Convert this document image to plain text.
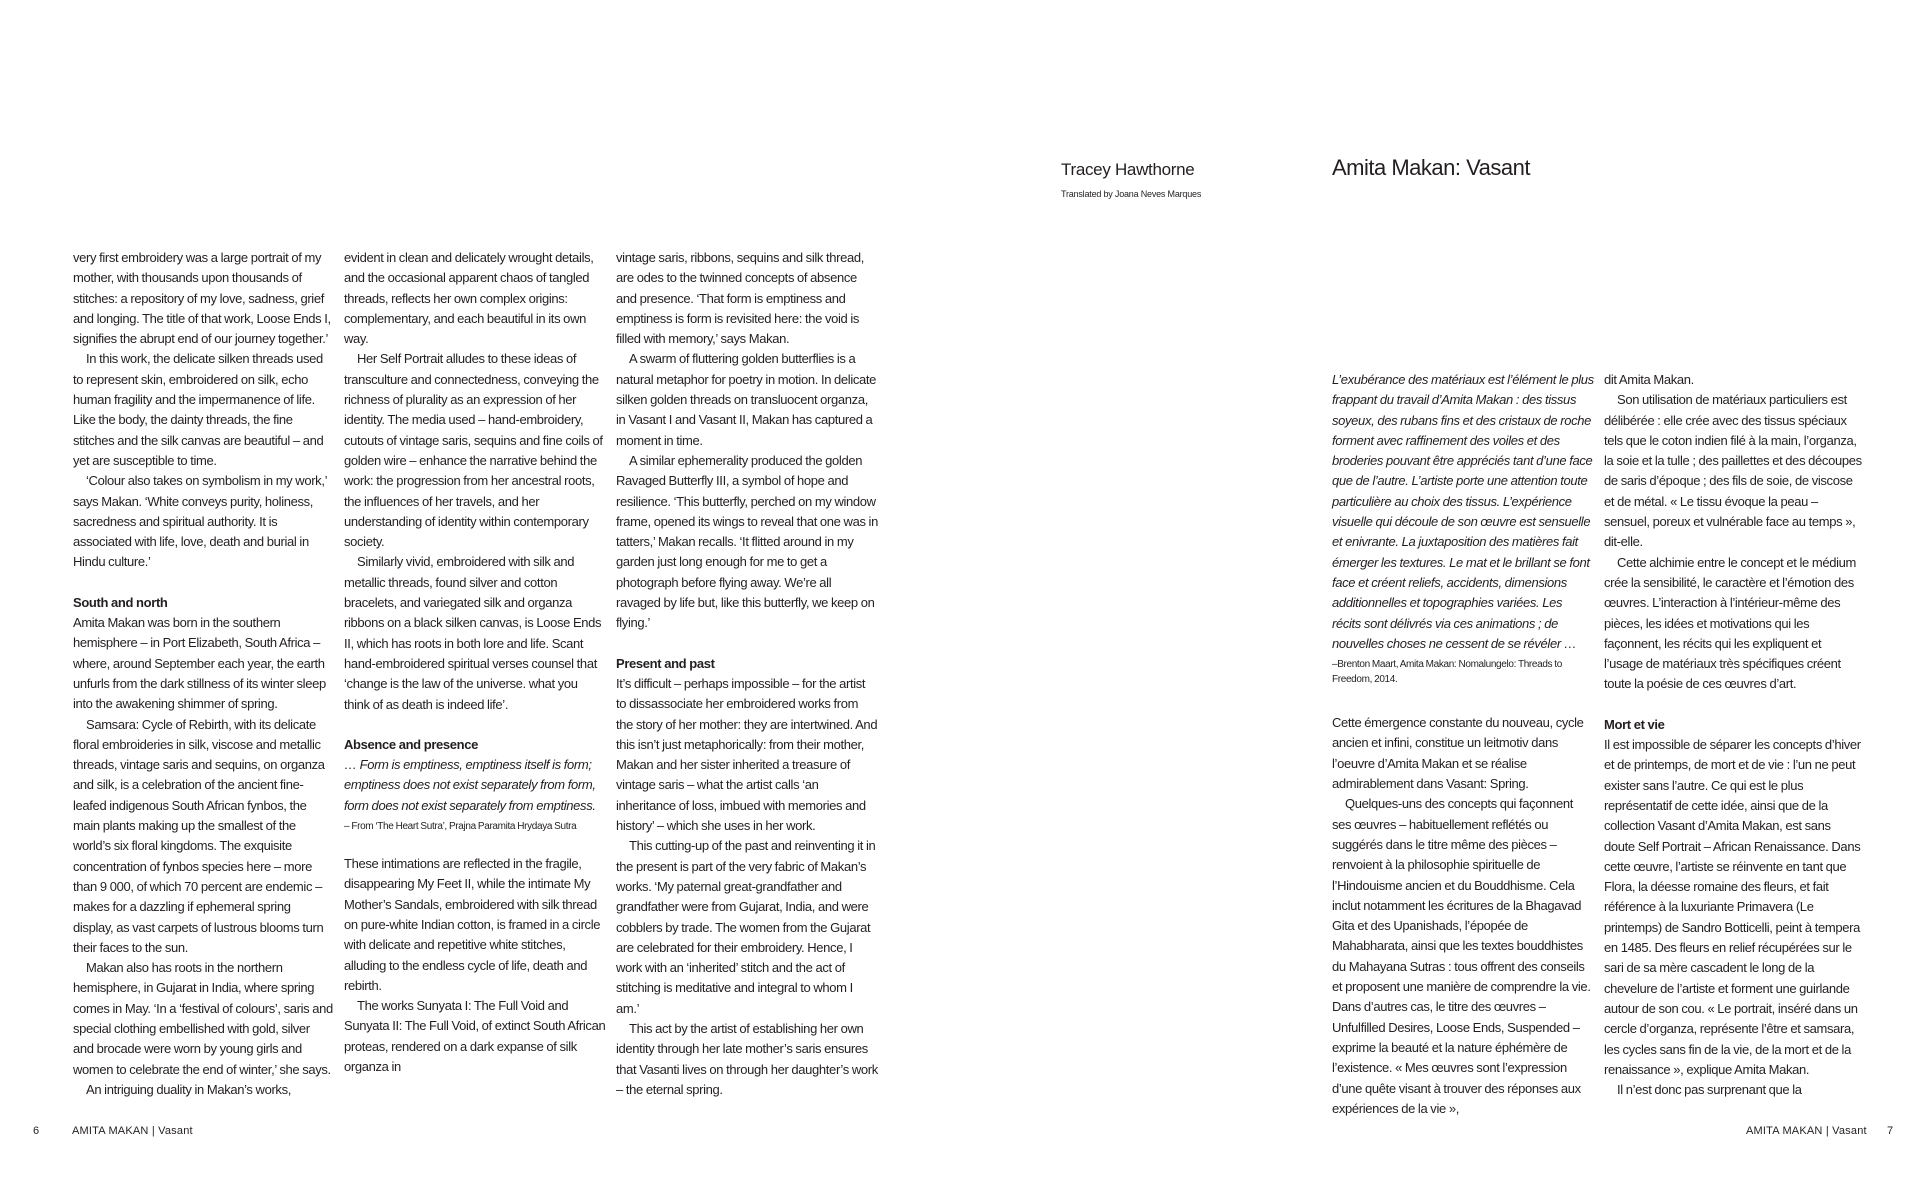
Tracey Hawthorne
Translated by Joana Neves Marques
Amita Makan: Vasant

very first embroidery was a large portrait of my mother, with thousands upon thousands of stitches: a repository of my love, sadness, grief and longing. The title of that work, Loose Ends I, signifies the abrupt end of our journey together.’

In this work, the delicate silken threads used to represent skin, embroidered on silk, echo human fragility and the impermanence of life. Like the body, the dainty threads, the fine stitches and the silk canvas are beautiful – and yet are susceptible to time.

‘Colour also takes on symbolism in my work,’ says Makan. ‘White conveys purity, holiness, sacredness and spiritual authority. It is associated with life, love, death and burial in Hindu culture.’

South and north

Amita Makan was born in the southern hemisphere – in Port Elizabeth, South Africa – where, around September each year, the earth unfurls from the dark stillness of its winter sleep into the awakening shimmer of spring.

Samsara: Cycle of Rebirth, with its delicate floral embroideries in silk, viscose and metallic threads, vintage saris and sequins, on organza and silk, is a celebration of the ancient fine-leafed indigenous South African fynbos, the main plants making up the smallest of the world’s six floral kingdoms. The exquisite concentration of fynbos species here – more than 9 000, of which 70 percent are endemic – makes for a dazzling if ephemeral spring display, as vast carpets of lustrous blooms turn their faces to the sun.

Makan also has roots in the northern hemisphere, in Gujarat in India, where spring comes in May. ‘In a ‘festival of colours’, saris and special clothing embellished with gold, silver and brocade were worn by young girls and women to celebrate the end of winter,’ she says.

An intriguing duality in Makan’s works,

evident in clean and delicately wrought details, and the occasional apparent chaos of tangled threads, reflects her own complex origins: complementary, and each beautiful in its own way.

Her Self Portrait alludes to these ideas of transculture and connectedness, conveying the richness of plurality as an expression of her identity. The media used – hand-embroidery, cutouts of vintage saris, sequins and fine coils of golden wire – enhance the narrative behind the work: the progression from her ancestral roots, the influences of her travels, and her understanding of identity within contemporary society.

Similarly vivid, embroidered with silk and metallic threads, found silver and cotton bracelets, and variegated silk and organza ribbons on a black silken canvas, is Loose Ends II, which has roots in both lore and life. Scant hand-embroidered spiritual verses counsel that ‘change is the law of the universe. what you think of as death is indeed life’.

Absence and presence

… Form is emptiness, emptiness itself is form; emptiness does not exist separately from form, form does not exist separately from emptiness.

– From ‘The Heart Sutra’, Prajna Paramita Hrydaya Sutra

These intimations are reflected in the fragile, disappearing My Feet II, while the intimate My Mother’s Sandals, embroidered with silk thread on pure-white Indian cotton, is framed in a circle with delicate and repetitive white stitches, alluding to the endless cycle of life, death and rebirth.

The works Sunyata I: The Full Void and Sunyata II: The Full Void, of extinct South African proteas, rendered on a dark expanse of silk organza in

vintage saris, ribbons, sequins and silk thread, are odes to the twinned concepts of absence and presence. ‘That form is emptiness and emptiness is form is revisited here: the void is filled with memory,’ says Makan.

A swarm of fluttering golden butterflies is a natural metaphor for poetry in motion. In delicate silken golden threads on transluocent organza, in Vasant I and Vasant II, Makan has captured a moment in time.

A similar ephemerality produced the golden Ravaged Butterfly III, a symbol of hope and resilience. ‘This butterfly, perched on my window frame, opened its wings to reveal that one was in tatters,’ Makan recalls. ‘It flitted around in my garden just long enough for me to get a photograph before flying away. We’re all ravaged by life but, like this butterfly, we keep on flying.’

Present and past

It’s difficult – perhaps impossible – for the artist to dissassociate her embroidered works from the story of her mother: they are intertwined. And this isn’t just metaphorically: from their mother, Makan and her sister inherited a treasure of vintage saris – what the artist calls ‘an inheritance of loss, imbued with memories and history’ – which she uses in her work.

This cutting-up of the past and reinventing it in the present is part of the very fabric of Makan’s works. ‘My paternal great-grandfather and grandfather were from Gujarat, India, and were cobblers by trade. The women from the Gujarat are celebrated for their embroidery. Hence, I work with an ‘inherited’ stitch and the act of stitching is meditative and integral to whom I am.’

This act by the artist of establishing her own identity through her late mother’s saris ensures that Vasanti lives on through her daughter’s work – the eternal spring.

L’exubérance des matériaux est l’élément le plus frappant du travail d’Amita Makan : des tissus soyeux, des rubans fins et des cristaux de roche forment avec raffinement des voiles et des broderies pouvant être appréciés tant d’une face que de l’autre. L’artiste porte une attention toute particulière au choix des tissus. L’expérience visuelle qui découle de son œuvre est sensuelle et enivrante. La juxtaposition des matières fait émerger les textures. Le mat et le brillant se font face et créent reliefs, accidents, dimensions additionnelles et topographies variées. Les récits sont délivrés via ces animations ; de nouvelles choses ne cessent de se révéler …

–Brenton Maart, Amita Makan: Nomalungelo: Threads to Freedom, 2014.

Cette émergence constante du nouveau, cycle ancien et infini, constitue un leitmotiv dans l’oeuvre d’Amita Makan et se réalise admirablement dans Vasant: Spring.

Quelques-uns des concepts qui façonnent ses œuvres – habituellement reflétés ou suggérés dans le titre même des pièces – renvoient à la philosophie spirituelle de l’Hindouisme ancien et du Bouddhisme. Cela inclut notamment les écritures de la Bhagavad Gita et des Upanishads, l’épopée de Mahabharata, ainsi que les textes bouddhistes du Mahayana Sutras : tous offrent des conseils et proposent une manière de comprendre la vie. Dans d’autres cas, le titre des œuvres – Unfulfilled Desires, Loose Ends, Suspended – exprime la beauté et la nature éphémère de l’existence. « Mes œuvres sont l’expression d’une quête visant à trouver des réponses aux expériences de la vie »,

dit Amita Makan.

Son utilisation de matériaux particuliers est délibérée : elle crée avec des tissus spéciaux tels que le coton indien filé à la main, l’organza, la soie et la tulle ; des paillettes et des découpes de saris d’époque ; des fils de soie, de viscose et de métal. « Le tissu évoque la peau – sensuel, poreux et vulnérable face au temps », dit-elle.

Cette alchimie entre le concept et le médium crée la sensibilité, le caractère et l’émotion des œuvres. L’interaction à l’intérieur-même des pièces, les idées et motivations qui les façonnent, les récits qui les expliquent et l’usage de matériaux très spécifiques créent toute la poésie de ces œuvres d’art.

Mort et vie

Il est impossible de séparer les concepts d’hiver et de printemps, de mort et de vie : l’un ne peut exister sans l’autre. Ce qui est le plus représentatif de cette idée, ainsi que de la collection Vasant d’Amita Makan, est sans doute Self Portrait – African Renaissance. Dans cette œuvre, l’artiste se réinvente en tant que Flora, la déesse romaine des fleurs, et fait référence à la luxuriante Primavera (Le printemps) de Sandro Botticelli, peint à tempera en 1485. Des fleurs en relief récupérées sur le sari de sa mère cascadent le long de la chevelure de l’artiste et forment une guirlande autour de son cou. « Le portrait, inséré dans un cercle d’organza, représente l’être et samsara, les cycles sans fin de la vie, de la mort et de la renaissance », explique Amita Makan.

Il n’est donc pas surprenant que la

6	AMITA MAKAN | Vasant	AMITA MAKAN | Vasant 7
